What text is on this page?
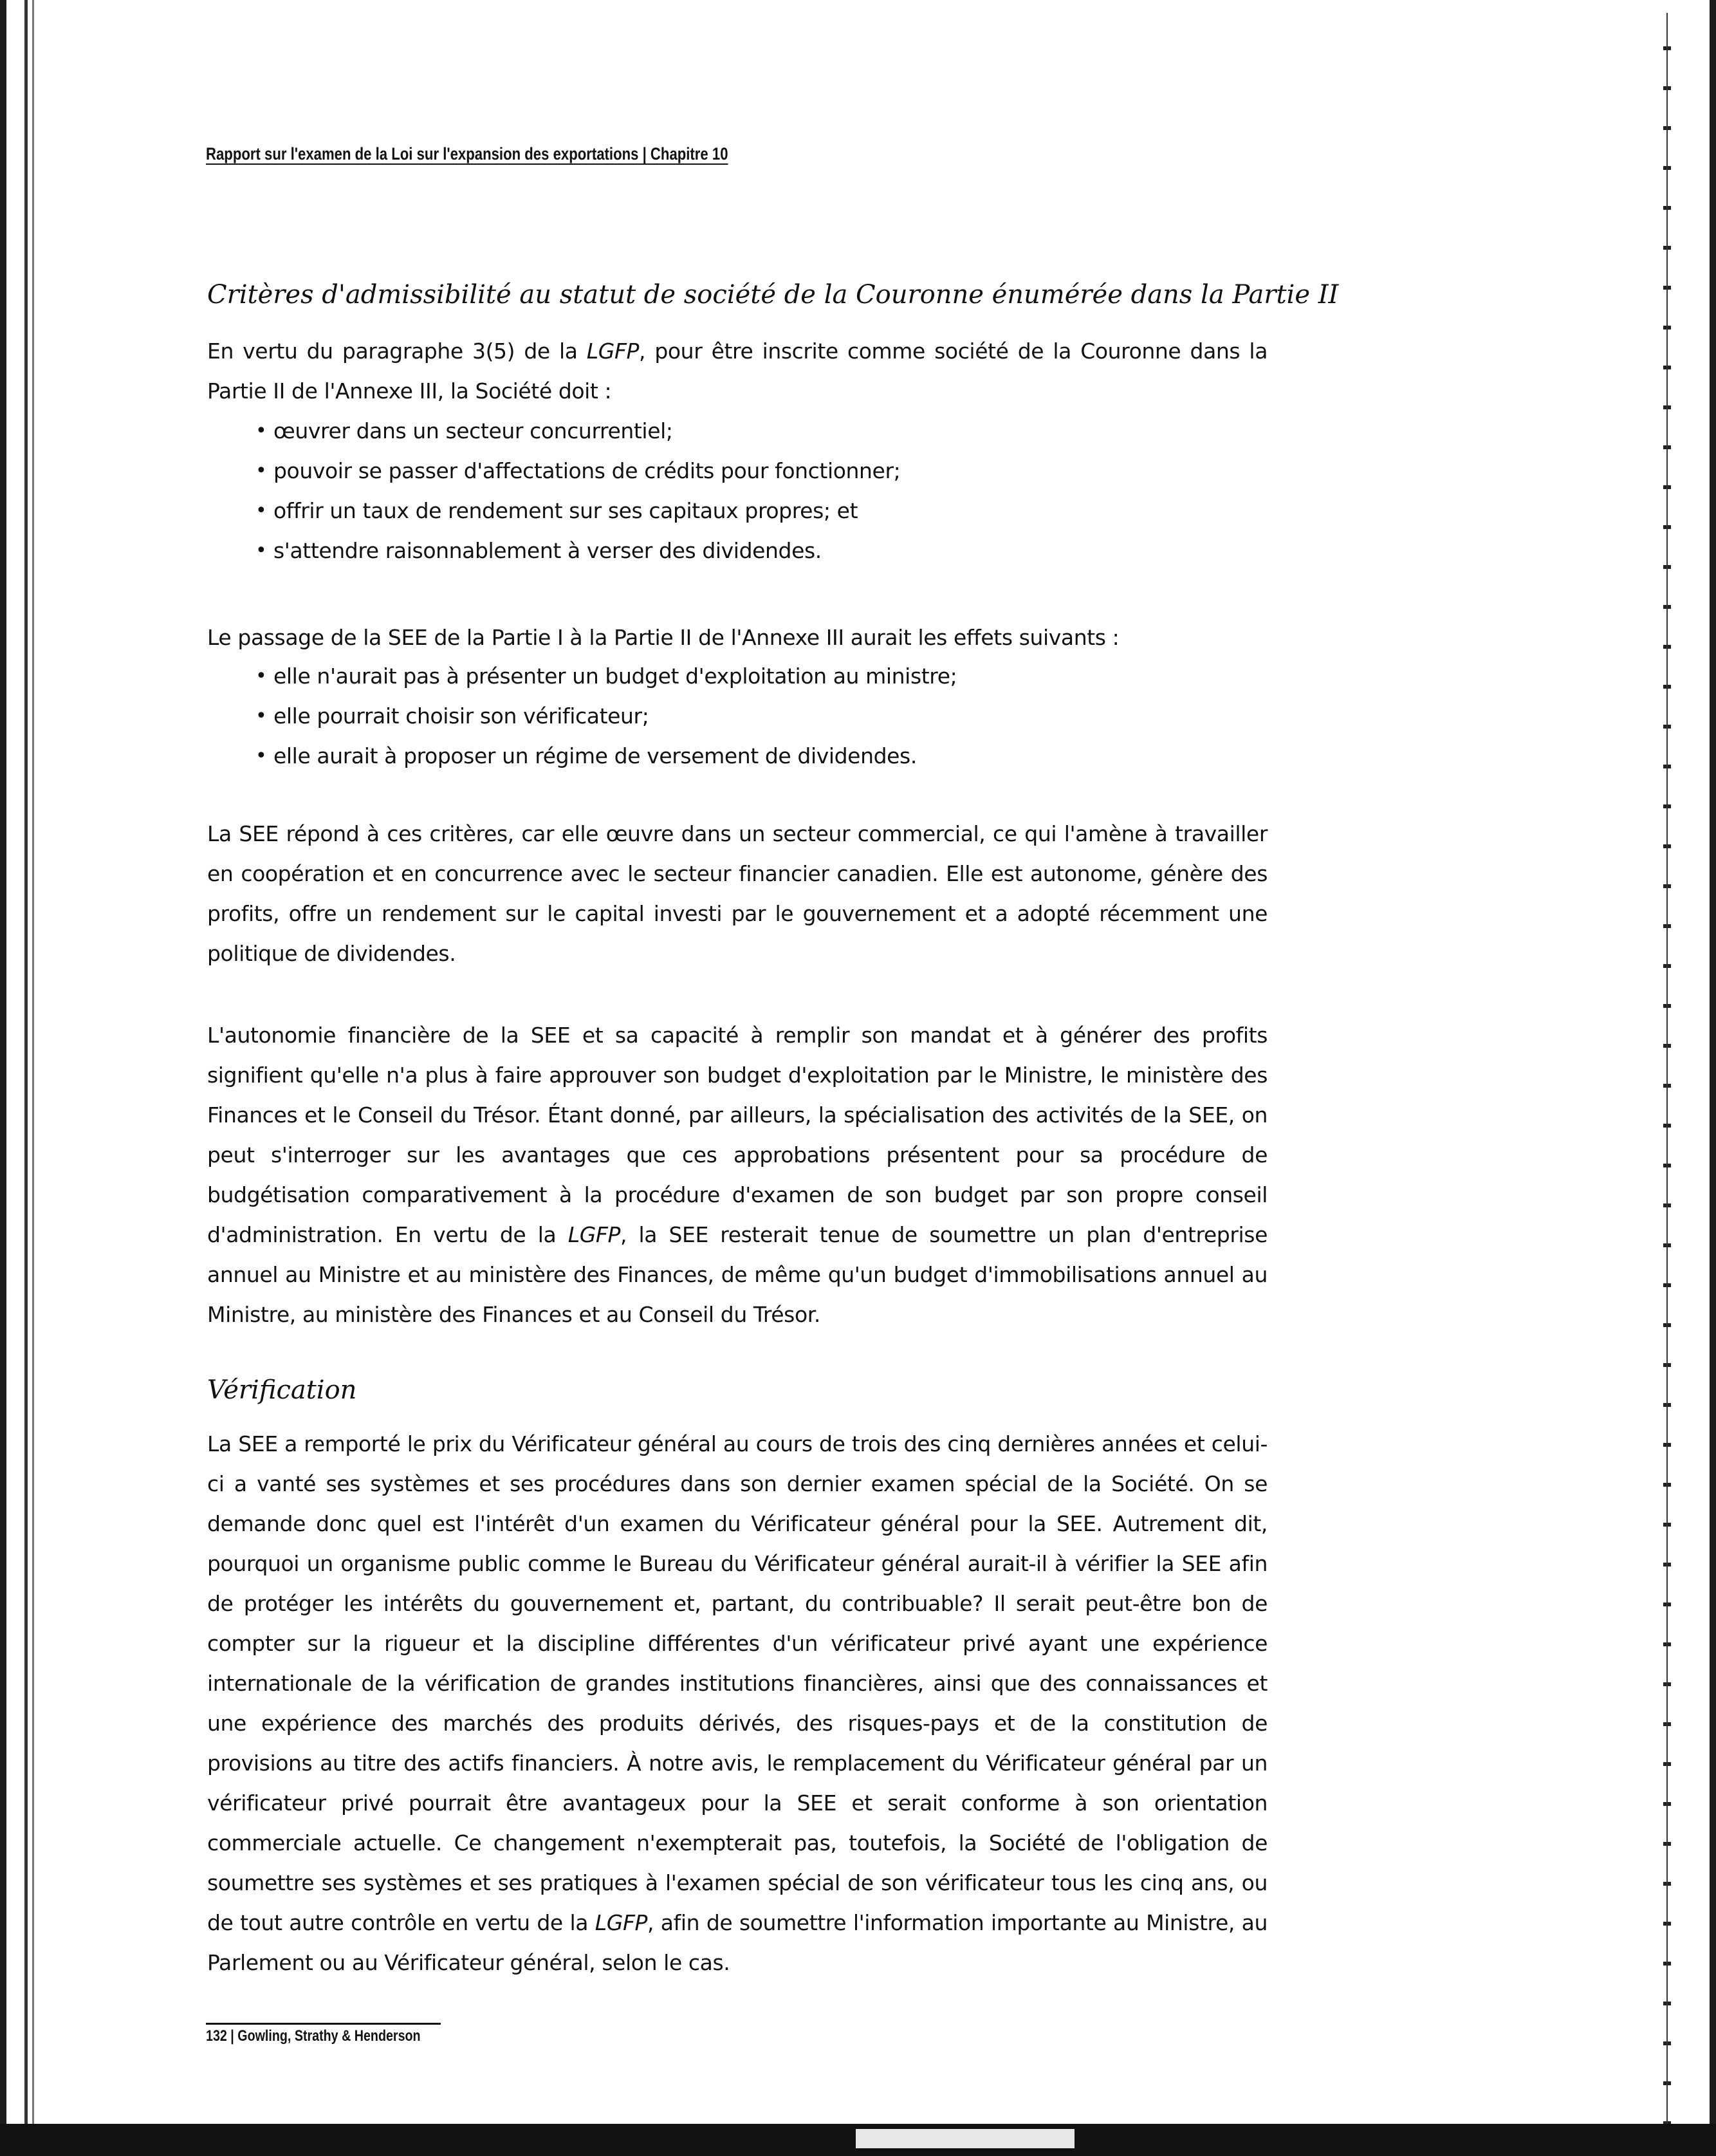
Rapport sur l'examen de la Loi sur l'expansion des exportations | Chapitre 10

Critères d'admissibilité au statut de société de la Couronne énumérée dans la Partie II

En vertu du paragraphe 3(5) de la LGFP, pour être inscrite comme société de la Couronne dans la Partie II de l'Annexe III, la Société doit :

• œuvrer dans un secteur concurrentiel;
• pouvoir se passer d'affectations de crédits pour fonctionner;
• offrir un taux de rendement sur ses capitaux propres; et
• s'attendre raisonnablement à verser des dividendes.

Le passage de la SEE de la Partie I à la Partie II de l'Annexe III aurait les effets suivants :

• elle n'aurait pas à présenter un budget d'exploitation au ministre;
• elle pourrait choisir son vérificateur;
• elle aurait à proposer un régime de versement de dividendes.

La SEE répond à ces critères, car elle œuvre dans un secteur commercial, ce qui l'amène à travailler en coopération et en concurrence avec le secteur financier canadien. Elle est autonome, génère des profits, offre un rendement sur le capital investi par le gouvernement et a adopté récemment une politique de dividendes.

L'autonomie financière de la SEE et sa capacité à remplir son mandat et à générer des profits signifient qu'elle n'a plus à faire approuver son budget d'exploitation par le Ministre, le ministère des Finances et le Conseil du Trésor. Étant donné, par ailleurs, la spécialisation des activités de la SEE, on peut s'interroger sur les avantages que ces approbations présentent pour sa procédure de budgétisation comparativement à la procédure d'examen de son budget par son propre conseil d'administration. En vertu de la LGFP, la SEE resterait tenue de soumettre un plan d'entreprise annuel au Ministre et au ministère des Finances, de même qu'un budget d'immobilisations annuel au Ministre, au ministère des Finances et au Conseil du Trésor.

Vérification

La SEE a remporté le prix du Vérificateur général au cours de trois des cinq dernières années et celui-ci a vanté ses systèmes et ses procédures dans son dernier examen spécial de la Société. On se demande donc quel est l'intérêt d'un examen du Vérificateur général pour la SEE. Autrement dit, pourquoi un organisme public comme le Bureau du Vérificateur général aurait-il à vérifier la SEE afin de protéger les intérêts du gouvernement et, partant, du contribuable? Il serait peut-être bon de compter sur la rigueur et la discipline différentes d'un vérificateur privé ayant une expérience internationale de la vérification de grandes institutions financières, ainsi que des connaissances et une expérience des marchés des produits dérivés, des risques-pays et de la constitution de provisions au titre des actifs financiers. À notre avis, le remplacement du Vérificateur général par un vérificateur privé pourrait être avantageux pour la SEE et serait conforme à son orientation commerciale actuelle. Ce changement n'exempterait pas, toutefois, la Société de l'obligation de soumettre ses systèmes et ses pratiques à l'examen spécial de son vérificateur tous les cinq ans, ou de tout autre contrôle en vertu de la LGFP, afin de soumettre l'information importante au Ministre, au Parlement ou au Vérificateur général, selon le cas.

132 | Gowling, Strathy & Henderson
